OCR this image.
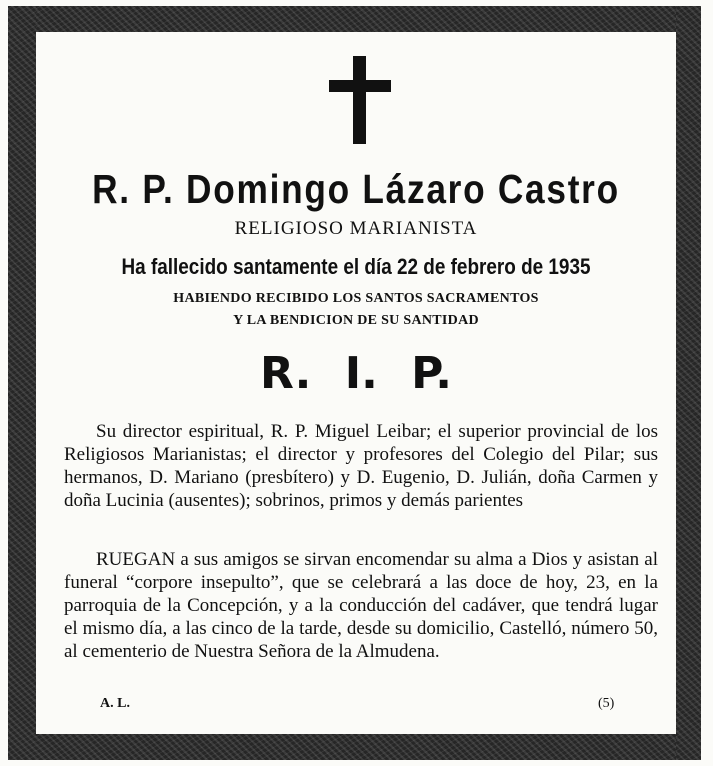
R. P. Domingo Lázaro Castro
RELIGIOSO MARIANISTA
Ha fallecido santamente el día 22 de febrero de 1935
HABIENDO RECIBIDO LOS SANTOS SACRAMENTOS
Y LA BENDICION DE SU SANTIDAD
R. I. P.

Su director espiritual, R. P. Miguel Leibar; el superior provincial de los Religiosos Marianistas; el director y profesores del Colegio del Pilar; sus hermanos, D. Mariano (presbítero) y D. Eugenio, D. Julián, doña Carmen y doña Lucinia (ausentes); sobrinos, primos y demás parientes

RUEGAN a sus amigos se sirvan encomendar su alma a Dios y asistan al funeral “corpore insepulto”, que se celebrará a las doce de hoy, 23, en la parroquia de la Concepción, y a la conducción del cadáver, que tendrá lugar el mismo día, a las cinco de la tarde, desde su domicilio, Castelló, número 50, al cementerio de Nuestra Señora de la Almudena.

A. L.	(5)
